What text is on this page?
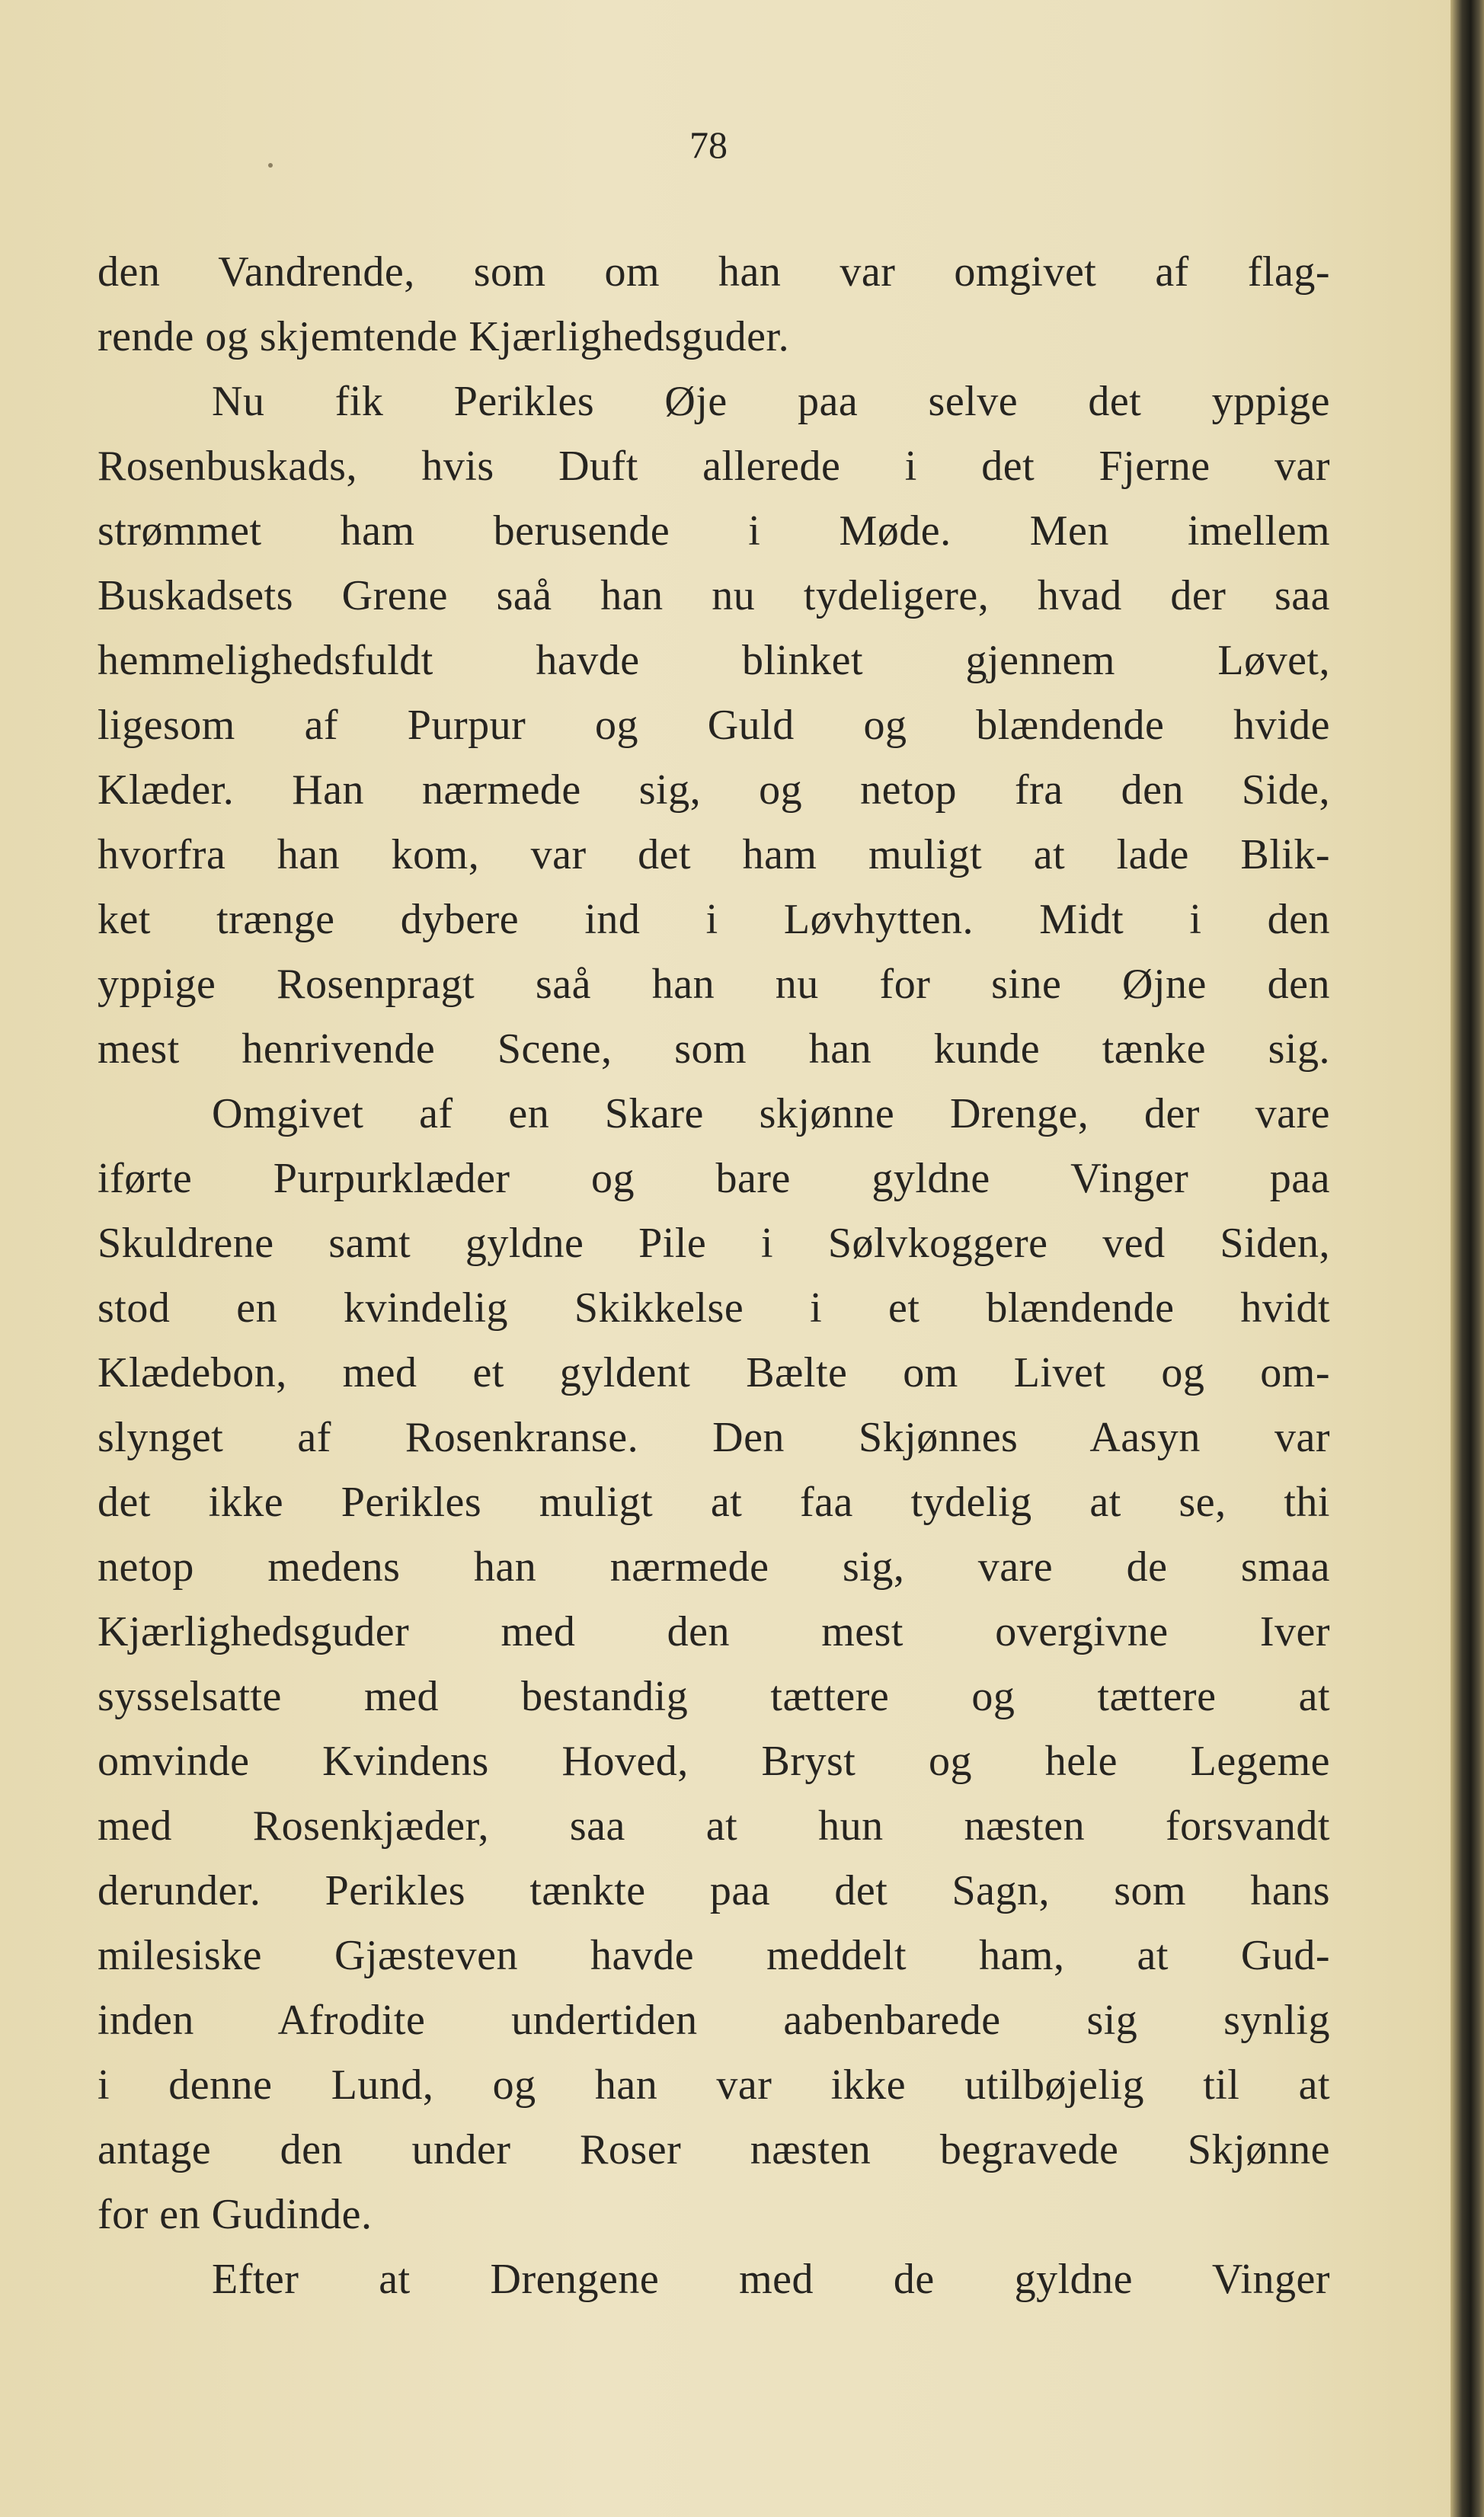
78
den Vandrende, som om han var omgivet af flag-
rende og skjemtende Kjærlighedsguder.
Nu fik Perikles Øje paa selve det yppige
Rosenbuskads, hvis Duft allerede i det Fjerne var
strømmet ham berusende i Møde. Men imellem
Buskadsets Grene saå han nu tydeligere, hvad der saa
hemmelighedsfuldt havde blinket gjennem Løvet,
ligesom af Purpur og Guld og blændende hvide
Klæder. Han nærmede sig, og netop fra den Side,
hvorfra han kom, var det ham muligt at lade Blik-
ket trænge dybere ind i Løvhytten. Midt i den
yppige Rosenpragt saå han nu for sine Øjne den
mest henrivende Scene, som han kunde tænke sig.
Omgivet af en Skare skjønne Drenge, der vare
iførte Purpurklæder og bare gyldne Vinger paa
Skuldrene samt gyldne Pile i Sølvkoggere ved Siden,
stod en kvindelig Skikkelse i et blændende hvidt
Klædebon, med et gyldent Bælte om Livet og om-
slynget af Rosenkranse. Den Skjønnes Aasyn var
det ikke Perikles muligt at faa tydelig at se, thi
netop medens han nærmede sig, vare de smaa
Kjærlighedsguder med den mest overgivne Iver
sysselsatte med bestandig tættere og tættere at
omvinde Kvindens Hoved, Bryst og hele Legeme
med Rosenkjæder, saa at hun næsten forsvandt
derunder. Perikles tænkte paa det Sagn, som hans
milesiske Gjæsteven havde meddelt ham, at Gud-
inden Afrodite undertiden aabenbarede sig synlig
i denne Lund, og han var ikke utilbøjelig til at
antage den under Roser næsten begravede Skjønne
for en Gudinde.
Efter at Drengene med de gyldne Vinger
